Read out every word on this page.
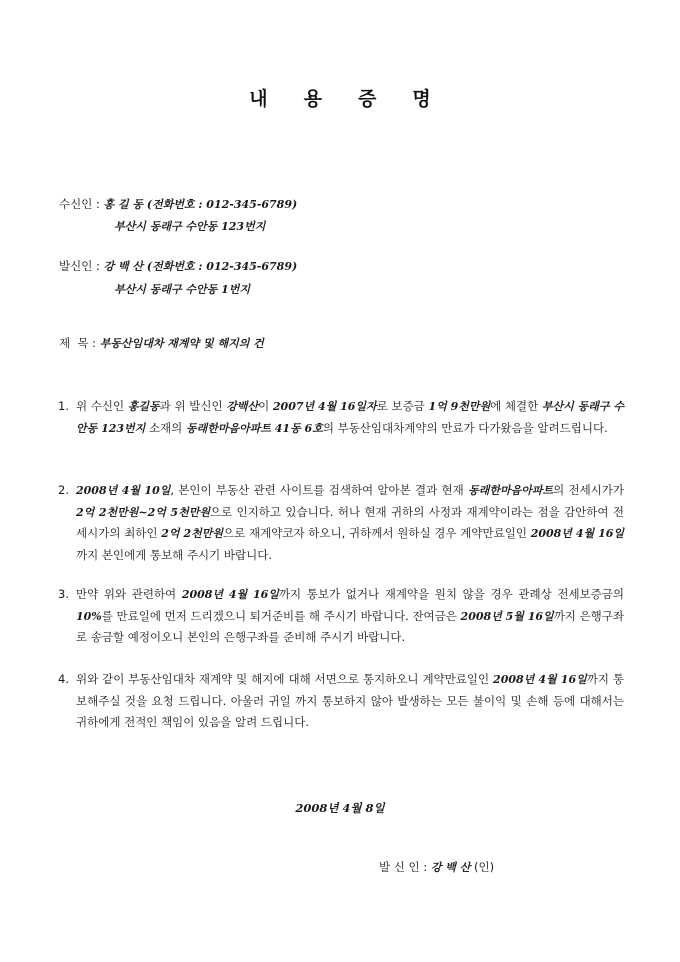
내용증명
수신인 : 홍 길 동 (전화번호 : 012-345-6789)
부산시 동래구 수안동 123번지
발신인 : 강 백 산 (전화번호 : 012-345-6789)
부산시 동래구 수안동 1번지
제  목 : 부동산임대차 재계약 및 해지의 건
1. 위 수신인 홍길동과 위 발신인 강백산이 2007년 4월 16일자로 보증금 1억 9천만원에 체결한 부산시 동래구 수안동 123번지 소재의 동래한마음아파트 41동 6호의 부동산임대차계약의 만료가 다가왔음을 알려드립니다.
2. 2008년 4월 10일, 본인이 부동산 관련 사이트를 검색하여 알아본 결과 현재 동래한마음아파트의 전세시가가 2억 2천만원~2억 5천만원으로 인지하고 있습니다. 허나 현재 귀하의 사정과 재계약이라는 점을 감안하여 전세시가의 최하인 2억 2천만원으로 재계약코자 하오니, 귀하께서 원하실 경우 계약만료일인 2008년 4월 16일까지 본인에게 통보해 주시기 바랍니다.
3. 만약 위와 관련하여 2008년 4월 16일까지 통보가 없거나 재계약을 원치 않을 경우 관례상 전세보증금의 10%를 만료일에 먼저 드리겠으니 퇴거준비를 해 주시기 바랍니다. 잔여금은 2008년 5월 16일까지 은행구좌로 송금할 예정이오니 본인의 은행구좌를 준비해 주시기 바랍니다.
4. 위와 같이 부동산임대차 재계약 및 해지에 대해 서면으로 통지하오니 계약만료일인 2008년 4월 16일까지 통보해주실 것을 요청 드립니다. 아울러 귀일 까지 통보하지 않아 발생하는 모든 불이익 및 손해 등에 대해서는 귀하에게 전적인 책임이 있음을 알려 드립니다.
2008년 4월 8일
발 신 인 : 강 백 산 (인)
